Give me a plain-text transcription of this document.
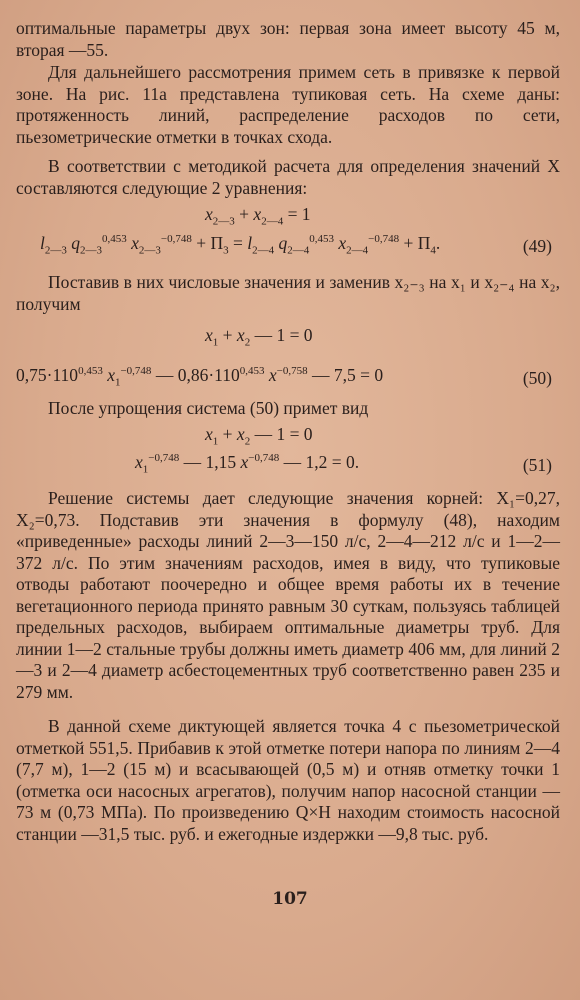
оптимальные параметры двух зон: первая зона имеет высоту 45 м, вторая —55.

Для дальнейшего рассмотрения примем сеть в привязке к первой зоне. На рис. 11а представлена тупиковая сеть. На схеме даны: протяженность линий, распределение расходов по сети, пьезометрические отметки в точках схода.

В соответствии с методикой расчета для определения значений X составляются следующие 2 уравнения:

$x_{2—3} + x_{2—4} = 1$
$l_{2—3}$ $q_{2—3}^{0,453}$ $x_{2—3}^{-0,748} + П_3 = l_{2—4}$ $q_{2—4}^{0,453}$ $x_{2—4}^{-0,748} + П_4$.	(49)

Поставив в них числовые значения и заменив x₂₋₃ на x₁ и x₂₋₄ на x₂, получим

$x_1 + x_2$ — 1 = 0
$0,75\cdot 110^{0,453}$ $x_1^{-0,748}$ — $0,86\cdot 110^{0,453}$ $x^{-0,758}$ — 7,5 = 0	(50)

После упрощения система (50) примет вид

$x_1 + x_2$ — 1 = 0
$x_1^{-0,748}$ — 1,15 $x^{-0,748}$ — 1,2 = 0.	(51)

Решение системы дает следующие значения корней: X₁=0,27, X₂=0,73. Подставив эти значения в формулу (48), находим «приведенные» расходы линий 2—3—150 л/с, 2—4—212 л/с и 1—2—372 л/с. По этим значениям расходов, имея в виду, что тупиковые отводы работают поочередно и общее время работы их в течение вегетационного периода принято равным 30 суткам, пользуясь таблицей предельных расходов, выбираем оптимальные диаметры труб. Для линии 1—2 стальные трубы должны иметь диаметр 406 мм, для линий 2—3 и 2—4 диаметр асбестоцементных труб соответственно равен 235 и 279 мм.

В данной схеме диктующей является точка 4 с пьезометрической отметкой 551,5. Прибавив к этой отметке потери напора по линиям 2—4 (7,7 м), 1—2 (15 м) и всасывающей (0,5 м) и отняв отметку точки 1 (отметка оси насосных агрегатов), получим напор насосной станции —73 м (0,73 МПа). По произведению Q×H находим стоимость насосной станции —31,5 тыс. руб. и ежегодные издержки —9,8 тыс. руб.

107
